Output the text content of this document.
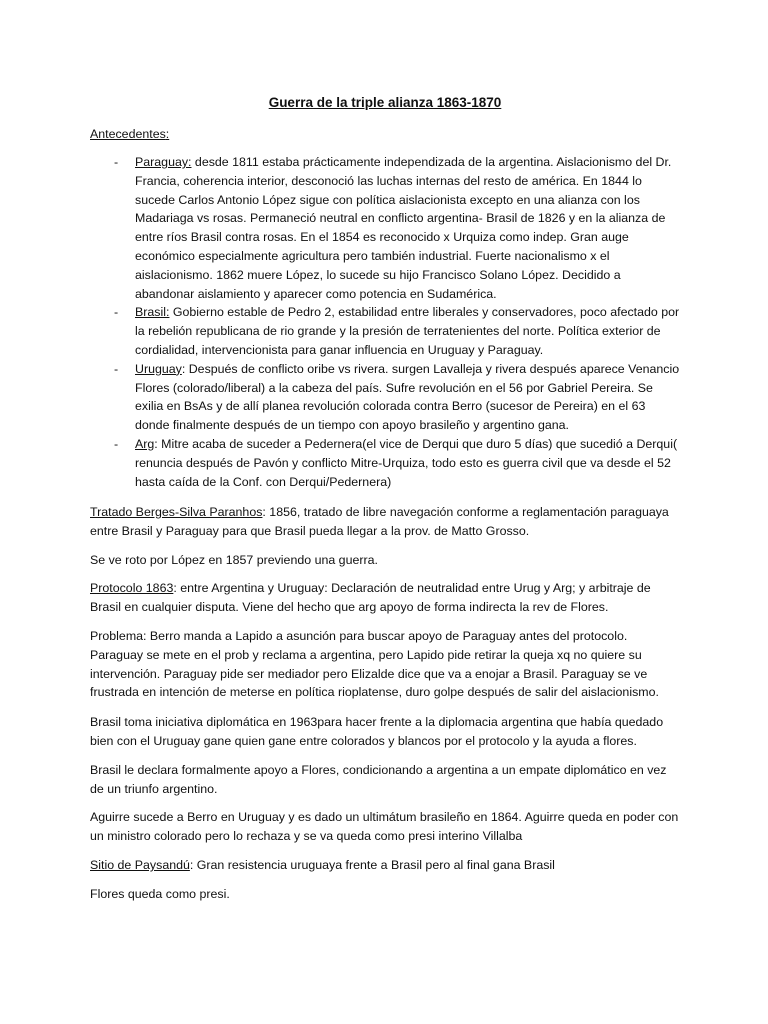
Guerra de la triple alianza 1863-1870
Antecedentes:
- Paraguay: desde 1811 estaba prácticamente independizada de la argentina. Aislacionismo del Dr. Francia, coherencia interior, desconoció las luchas internas del resto de américa. En 1844 lo sucede Carlos Antonio López sigue con política aislacionista excepto en una alianza con los Madariaga vs rosas. Permaneció neutral en conflicto argentina- Brasil de 1826 y en la alianza de entre ríos Brasil contra rosas. En el 1854 es reconocido x Urquiza como indep. Gran auge económico especialmente agricultura pero también industrial. Fuerte nacionalismo x el aislacionismo. 1862 muere López, lo sucede su hijo Francisco Solano López. Decidido a abandonar aislamiento y aparecer como potencia en Sudamérica.
- Brasil: Gobierno estable de Pedro 2, estabilidad entre liberales y conservadores, poco afectado por la rebelión republicana de rio grande y la presión de terratenientes del norte. Política exterior de cordialidad, intervencionista para ganar influencia en Uruguay y Paraguay.
- Uruguay: Después de conflicto oribe vs rivera. surgen Lavalleja y rivera después aparece Venancio Flores (colorado/liberal) a la cabeza del país. Sufre revolución en el 56 por Gabriel Pereira. Se exilia en BsAs y de allí planea revolución colorada contra Berro (sucesor de Pereira) en el 63 donde finalmente después de un tiempo con apoyo brasileño y argentino gana.
- Arg: Mitre acaba de suceder a Pedernera(el vice de Derqui que duro 5 días) que sucedió a Derqui( renuncia después de Pavón y conflicto Mitre-Urquiza, todo esto es guerra civil que va desde el 52 hasta caída de la Conf. con Derqui/Pedernera)

Tratado Berges-Silva Paranhos: 1856, tratado de libre navegación conforme a reglamentación paraguaya entre Brasil y Paraguay para que Brasil pueda llegar a la prov. de Matto Grosso.

Se ve roto por López en 1857 previendo una guerra.

Protocolo 1863: entre Argentina y Uruguay: Declaración de neutralidad entre Urug y Arg; y arbitraje de Brasil en cualquier disputa. Viene del hecho que arg apoyo de forma indirecta la rev de Flores.

Problema: Berro manda a Lapido a asunción para buscar apoyo de Paraguay antes del protocolo. Paraguay se mete en el prob y reclama a argentina, pero Lapido pide retirar la queja xq no quiere su intervención. Paraguay pide ser mediador pero Elizalde dice que va a enojar a Brasil. Paraguay se ve frustrada en intención de meterse en política rioplatense, duro golpe después de salir del aislacionismo.

Brasil toma iniciativa diplomática en 1963para hacer frente a la diplomacia argentina que había quedado bien con el Uruguay gane quien gane entre colorados y blancos por el protocolo y la ayuda a flores.

Brasil le declara formalmente apoyo a Flores, condicionando a argentina a un empate diplomático en vez de un triunfo argentino.

Aguirre sucede a Berro en Uruguay y es dado un ultimátum brasileño en 1864. Aguirre queda en poder con un ministro colorado pero lo rechaza y se va queda como presi interino Villalba

Sitio de Paysandú: Gran resistencia uruguaya frente a Brasil pero al final gana Brasil

Flores queda como presi.
